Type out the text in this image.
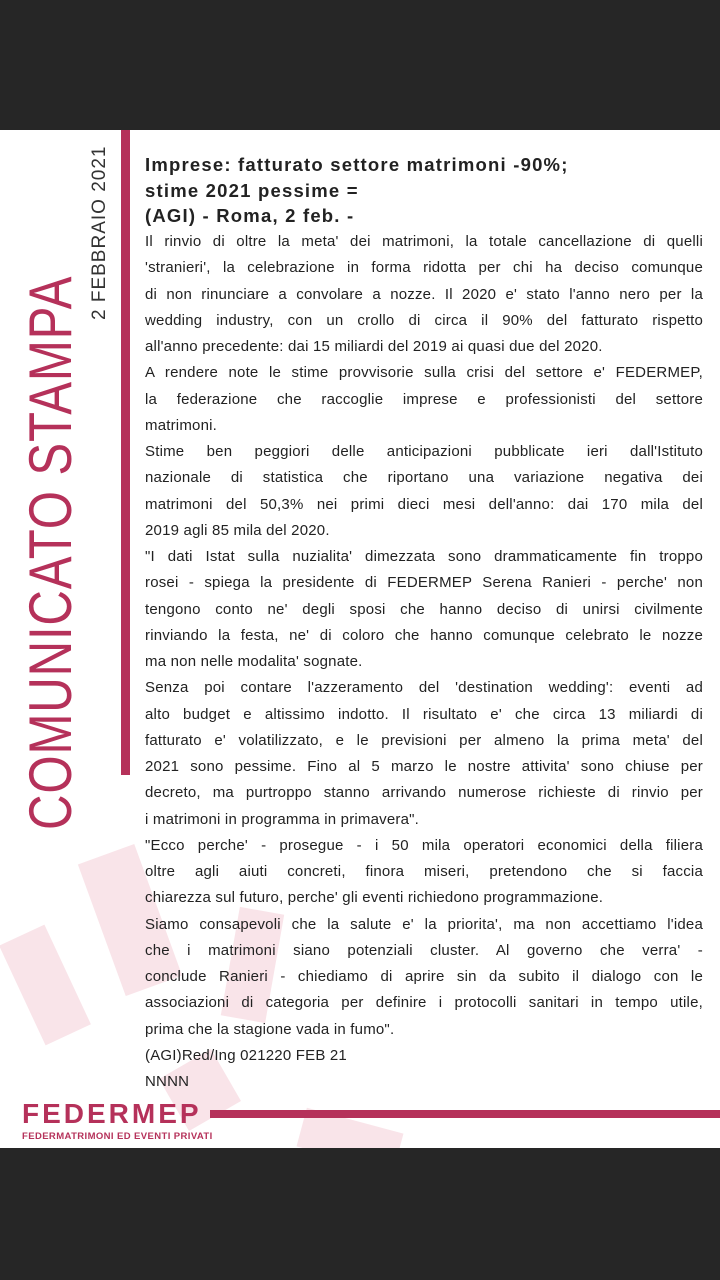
COMUNICATO STAMPA
2 FEBBRAIO 2021 Imprese: fatturato settore matrimoni -90%;
stime 2021 pessime =
(AGI) - Roma, 2 feb. -
Il rinvio di oltre la meta' dei matrimoni, la totale cancellazione di quelli
'stranieri', la celebrazione in forma ridotta per chi ha deciso comunque
di non rinunciare a convolare a nozze. Il 2020 e' stato l'anno nero per la
wedding industry, con un crollo di circa il 90% del fatturato rispetto
all'anno precedente: dai 15 miliardi del 2019 ai quasi due del 2020.
A rendere note le stime provvisorie sulla crisi del settore e' FEDERMEP,
la federazione che raccoglie imprese e professionisti del settore
matrimoni.
Stime ben peggiori delle anticipazioni pubblicate ieri dall'Istituto
nazionale di statistica che riportano una variazione negativa dei
matrimoni del 50,3% nei primi dieci mesi dell'anno: dai 170 mila del
2019 agli 85 mila del 2020.
"I dati Istat sulla nuzialita' dimezzata sono drammaticamente fin troppo
rosei - spiega la presidente di FEDERMEP Serena Ranieri - perche' non
tengono conto ne' degli sposi che hanno deciso di unirsi civilmente
rinviando la festa, ne' di coloro che hanno comunque celebrato le nozze
ma non nelle modalita' sognate.
Senza poi contare l'azzeramento del 'destination wedding': eventi ad
alto budget e altissimo indotto. Il risultato e' che circa 13 miliardi di
fatturato e' volatilizzato, e le previsioni per almeno la prima meta' del
2021 sono pessime. Fino al 5 marzo le nostre attivita' sono chiuse per
decreto, ma purtroppo stanno arrivando numerose richieste di rinvio per
i matrimoni in programma in primavera".
"Ecco perche' - prosegue - i 50 mila operatori economici della filiera
oltre agli aiuti concreti, finora miseri, pretendono che si faccia
chiarezza sul futuro, perche' gli eventi richiedono programmazione.
Siamo consapevoli che la salute e' la priorita', ma non accettiamo l'idea
che i matrimoni siano potenziali cluster. Al governo che verra' -
conclude Ranieri - chiediamo di aprire sin da subito il dialogo con le
associazioni di categoria per definire i protocolli sanitari in tempo utile,
prima che la stagione vada in fumo".
(AGI)Red/Ing 021220 FEB 21
NNNN
FEDERMEP
FEDERMATRIMONI ED EVENTI PRIVATI
